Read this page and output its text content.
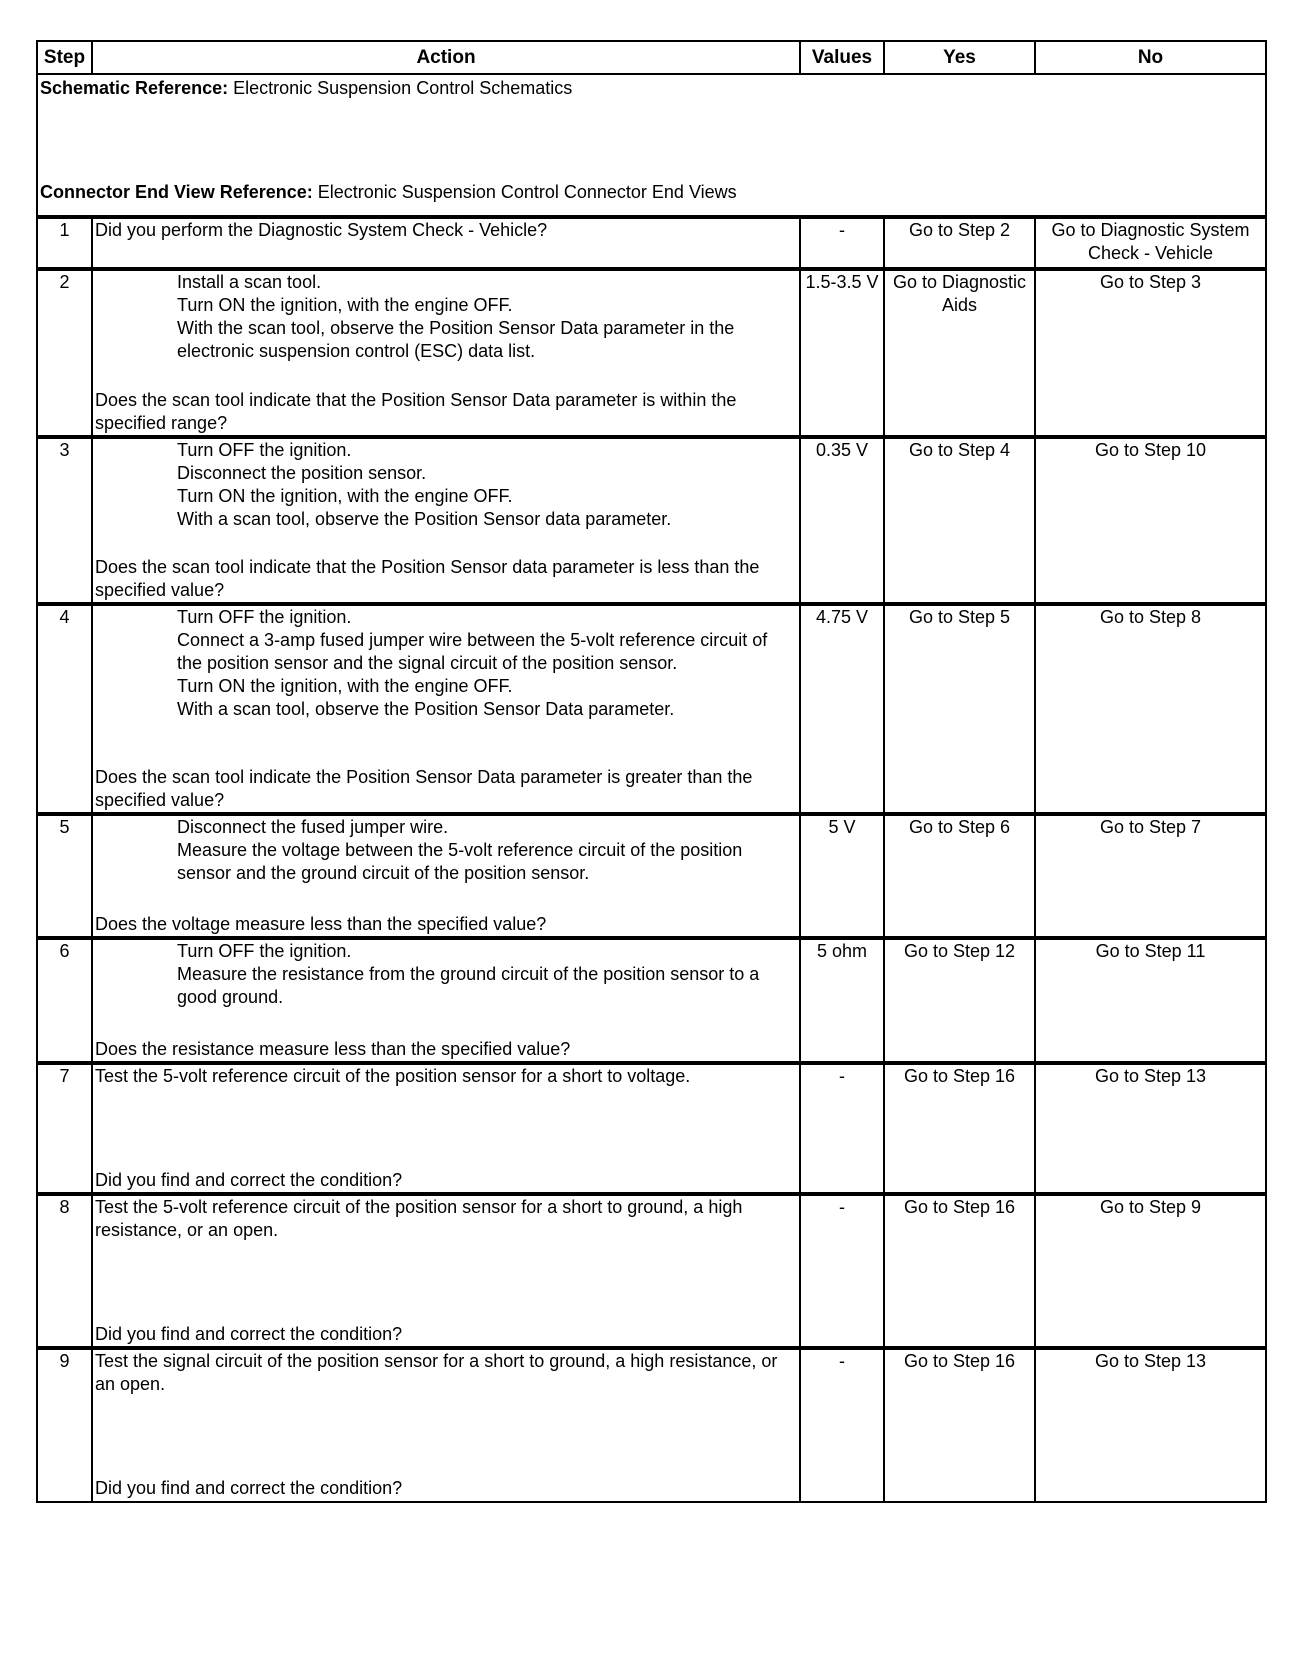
Step	Action	Values	Yes	No

Schematic Reference: Electronic Suspension Control Schematics
Connector End View Reference: Electronic Suspension Control Connector End Views				

1	Did you perform the Diagnostic System Check - Vehicle?	-	Go to Step 2	Go to Diagnostic System Check - Vehicle
2	Install a scan tool.
Turn ON the ignition, with the engine OFF.
With the scan tool, observe the Position Sensor Data parameter in the electronic suspension control (ESC) data list.
Does the scan tool indicate that the Position Sensor Data parameter is within the specified range?	1.5-3.5 V	Go to Diagnostic Aids	Go to Step 3
3	Turn OFF the ignition.
Disconnect the position sensor.
Turn ON the ignition, with the engine OFF.
With a scan tool, observe the Position Sensor data parameter.
Does the scan tool indicate that the Position Sensor data parameter is less than the specified value?	0.35 V	Go to Step 4	Go to Step 10
4	Turn OFF the ignition.
Connect a 3-amp fused jumper wire between the 5-volt reference circuit of the position sensor and the signal circuit of the position sensor.
Turn ON the ignition, with the engine OFF.
With a scan tool, observe the Position Sensor Data parameter.
Does the scan tool indicate the Position Sensor Data parameter is greater than the specified value?	4.75 V	Go to Step 5	Go to Step 8
5	Disconnect the fused jumper wire.
Measure the voltage between the 5-volt reference circuit of the position sensor and the ground circuit of the position sensor.
Does the voltage measure less than the specified value?	5 V	Go to Step 6	Go to Step 7
6	Turn OFF the ignition.
Measure the resistance from the ground circuit of the position sensor to a good ground.
Does the resistance measure less than the specified value?	5 ohm	Go to Step 12	Go to Step 11
7	Test the 5-volt reference circuit of the position sensor for a short to voltage.
Did you find and correct the condition?	-	Go to Step 16	Go to Step 13
8	Test the 5-volt reference circuit of the position sensor for a short to ground, a high resistance, or an open.
Did you find and correct the condition?	-	Go to Step 16	Go to Step 9
9	Test the signal circuit of the position sensor for a short to ground, a high resistance, or an open.
Did you find and correct the condition?	-	Go to Step 16	Go to Step 13
